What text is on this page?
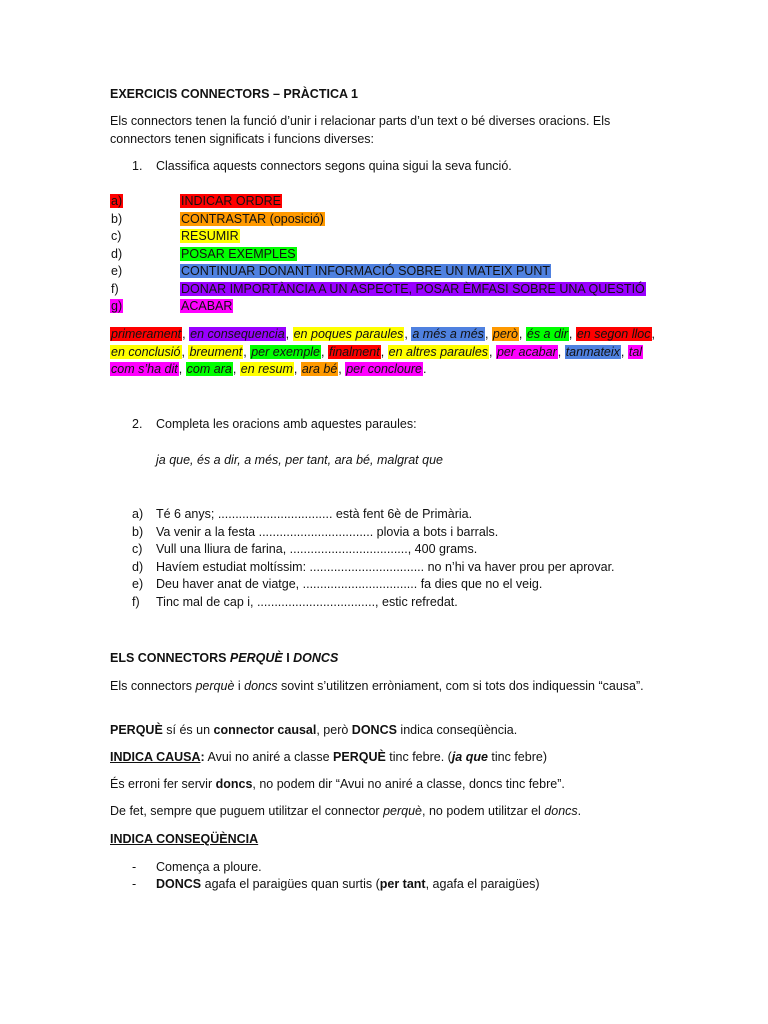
EXERCICIS CONNECTORS – PRÀCTICA 1
Els connectors tenen la funció d’unir i relacionar parts d’un text o bé diverses oracions. Els connectors tenen significats i funcions diverses:
1. Classifica aquests connectors segons quina sigui la seva funció.
a)	INDICAR ORDRE
b)	CONTRASTAR (oposició)
c)	RESUMIR
d)	POSAR EXEMPLES
e)	CONTINUAR DONANT INFORMACIÓ SOBRE UN MATEIX PUNT
f)	DONAR IMPORTÀNCIA A UN ASPECTE, POSAR ÈMFASI SOBRE UNA QUESTIÓ
g)	ACABAR
primerament, en consequencia, en poques paraules, a més a més, però, és a dir, en segon lloc,
en conclusió, breument, per exemple, finalment, en altres paraules, per acabar, tanmateix, tal
com s’ha dit, com ara, en resum, ara bé, per concloure.
2. Completa les oracions amb aquestes paraules:
ja que, és a dir, a més, per tant, ara bé, malgrat que
a) Té 6 anys; ................................. està fent 6è de Primària.
b) Va venir a la festa ................................. plovia a bots i barrals.
c) Vull una lliura de farina, .................................., 400 grams.
d) Havíem estudiat moltíssim: ................................. no n’hi va haver prou per aprovar.
e) Deu haver anat de viatge, ................................. fa dies que no el veig.
f) Tinc mal de cap i, .................................., estic refredat.
ELS CONNECTORS PERQUÈ I DONCS
Els connectors perquè i doncs sovint s’utilitzen erròniament, com si tots dos indiquessin “causa”.
PERQUÈ sí és un connector causal, però DONCS indica conseqüència.
INDICA CAUSA: Avui no aniré a classe PERQUÈ tinc febre. (ja que tinc febre)
És erroni fer servir doncs, no podem dir “Avui no aniré a classe, doncs tinc febre”.
De fet, sempre que puguem utilitzar el connector perquè, no podem utilitzar el doncs.
INDICA CONSEQÜÈNCIA
- Comença a ploure.
- DONCS agafa el paraigües quan surtis (per tant, agafa el paraigües)
